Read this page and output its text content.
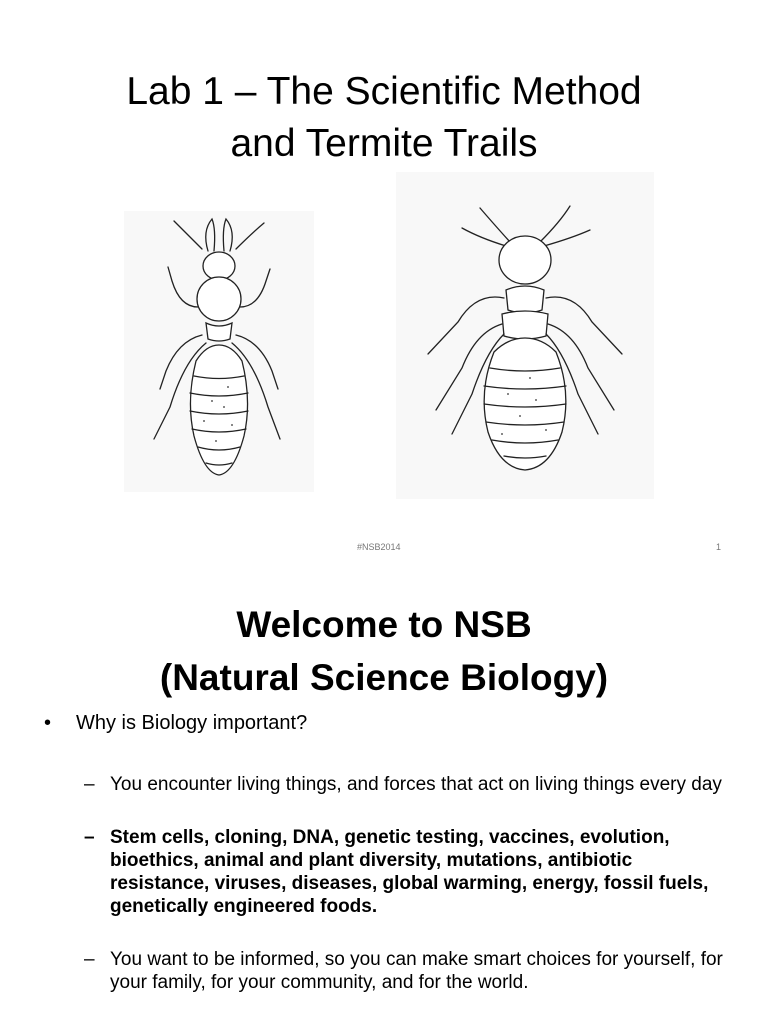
Lab 1 – The Scientific Method
and Termite Trails
#NSB2014	1
Welcome to NSB
(Natural Science Biology)
• Why is Biology important?
– You encounter living things, and forces that act on living things every day
– Stem cells, cloning, DNA, genetic testing, vaccines, evolution, bioethics, animal and plant diversity, mutations, antibiotic resistance, viruses, diseases, global warming, energy, fossil fuels, genetically engineered foods.
– You want to be informed, so you can make smart choices for yourself, for your family, for your community, and for the world.
